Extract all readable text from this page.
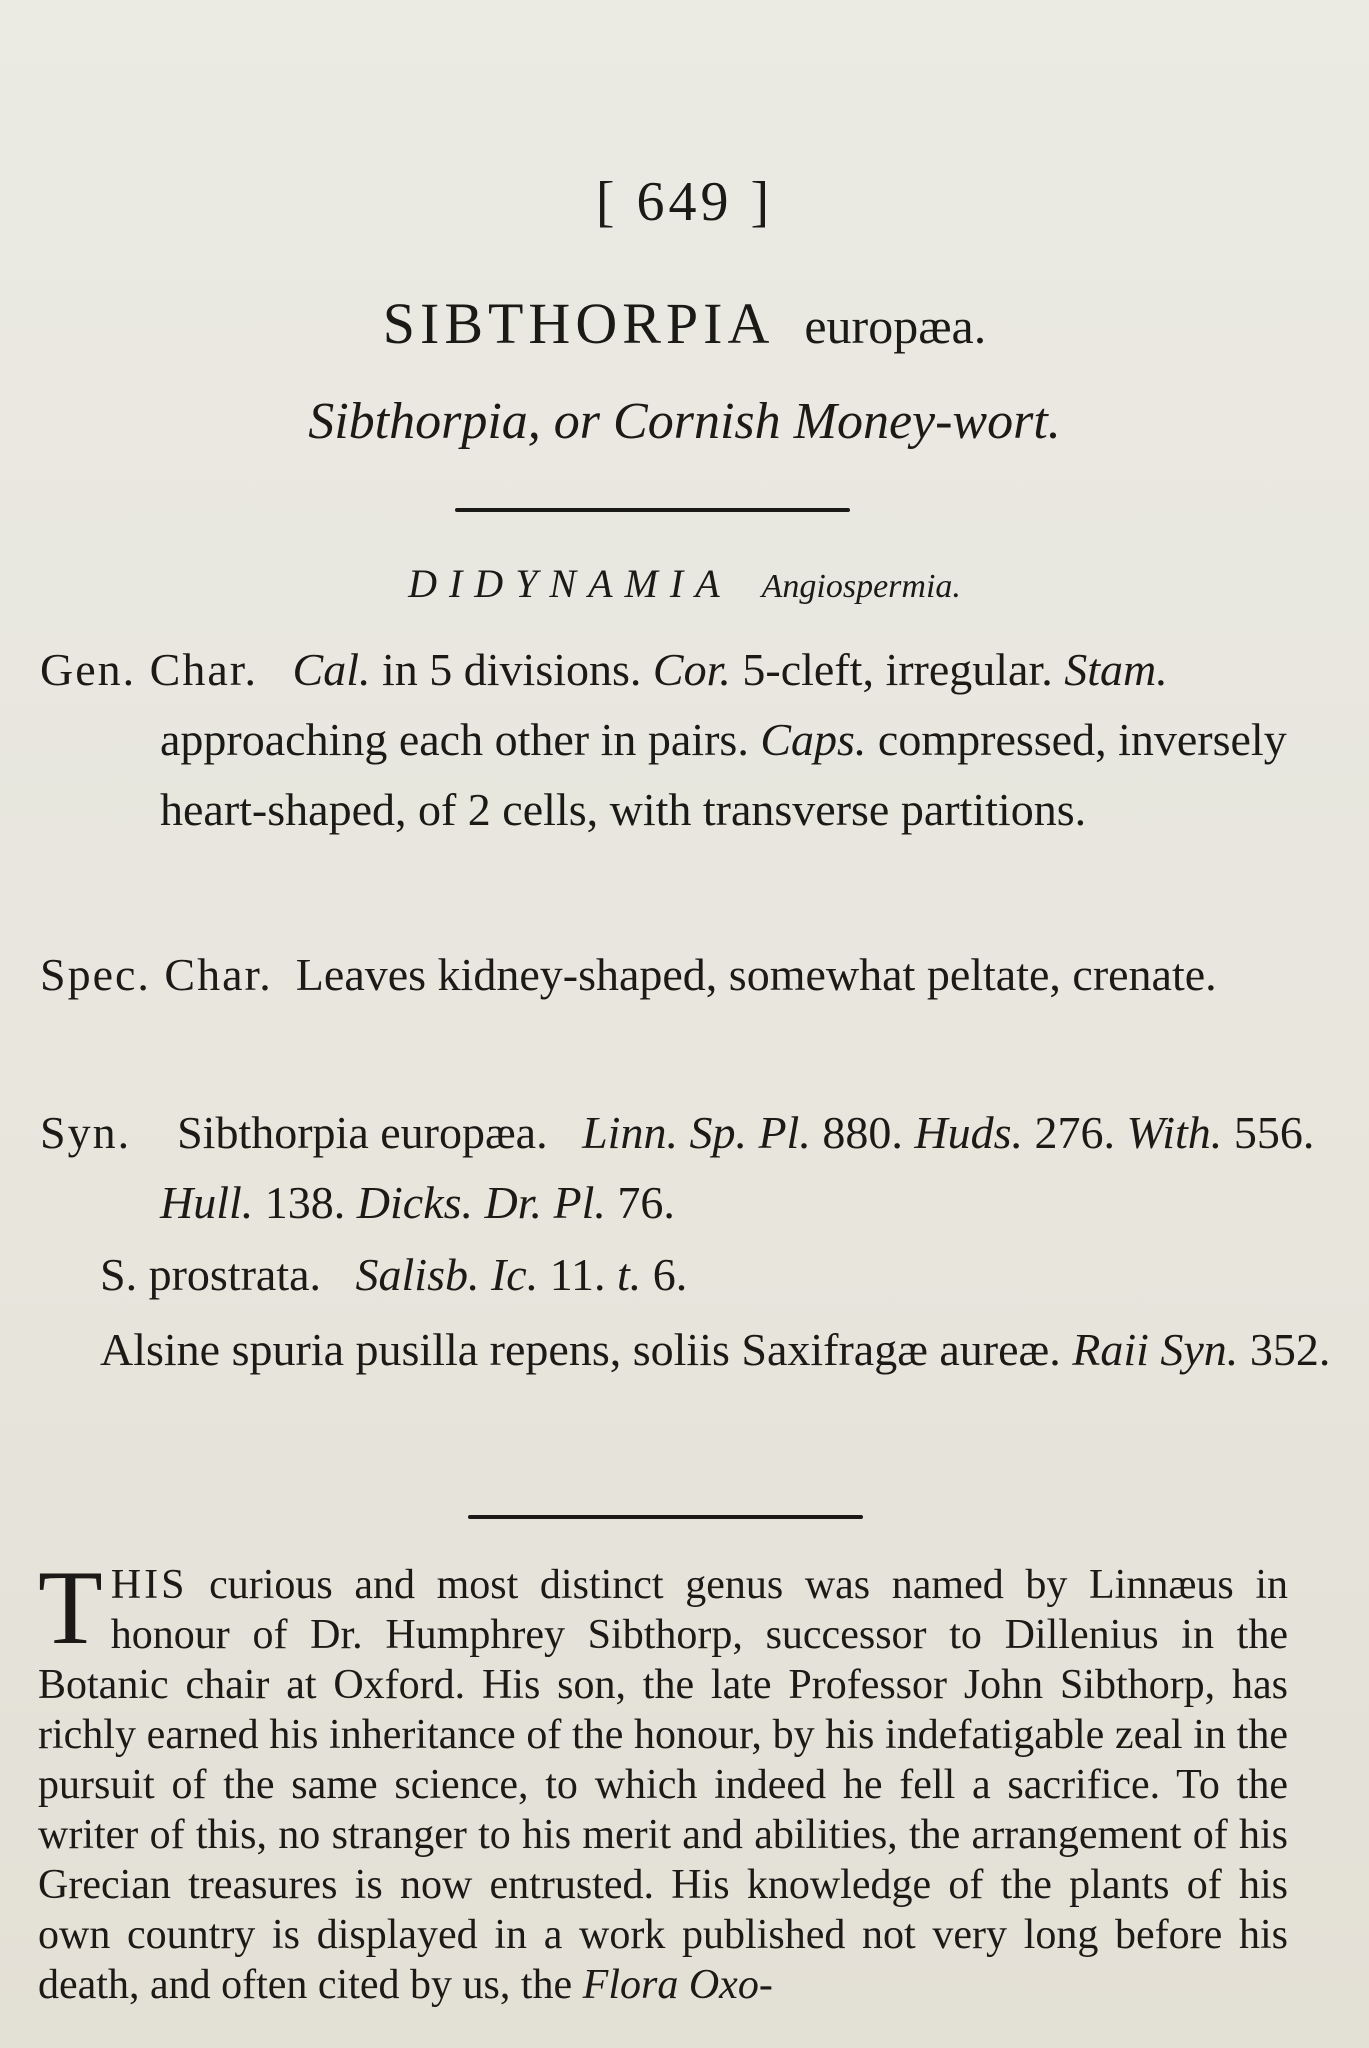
[ 649 ]
SIBTHORPIA europæa.
Sibthorpia, or Cornish Money-wort.
DIDYNAMIA Angiospermia.
Gen. Char. Cal. in 5 divisions. Cor. 5-cleft, irregular. Stam. approaching each other in pairs. Caps. compressed, inversely heart-shaped, of 2 cells, with transverse partitions.
Spec. Char. Leaves kidney-shaped, somewhat peltate, crenate.
Syn. Sibthorpia europæa. Linn. Sp. Pl. 880. Huds. 276. With. 556. Hull. 138. Dicks. Dr. Pl. 76.
S. prostrata.   Salisb. Ic. 11. t. 6.
Alsine spuria pusilla repens, soliis Saxifragæ aureæ. Raii Syn. 352.
THIS curious and most distinct genus was named by Linnæus in honour of Dr. Humphrey Sibthorp, successor to Dillenius in the Botanic chair at Oxford. His son, the late Professor John Sibthorp, has richly earned his inheritance of the honour, by his indefatigable zeal in the pursuit of the same science, to which indeed he fell a sacrifice. To the writer of this, no stranger to his merit and abilities, the arrangement of his Grecian treasures is now entrusted. His knowledge of the plants of his own country is displayed in a work published not very long before his death, and often cited by us, the Flora Oxo-
